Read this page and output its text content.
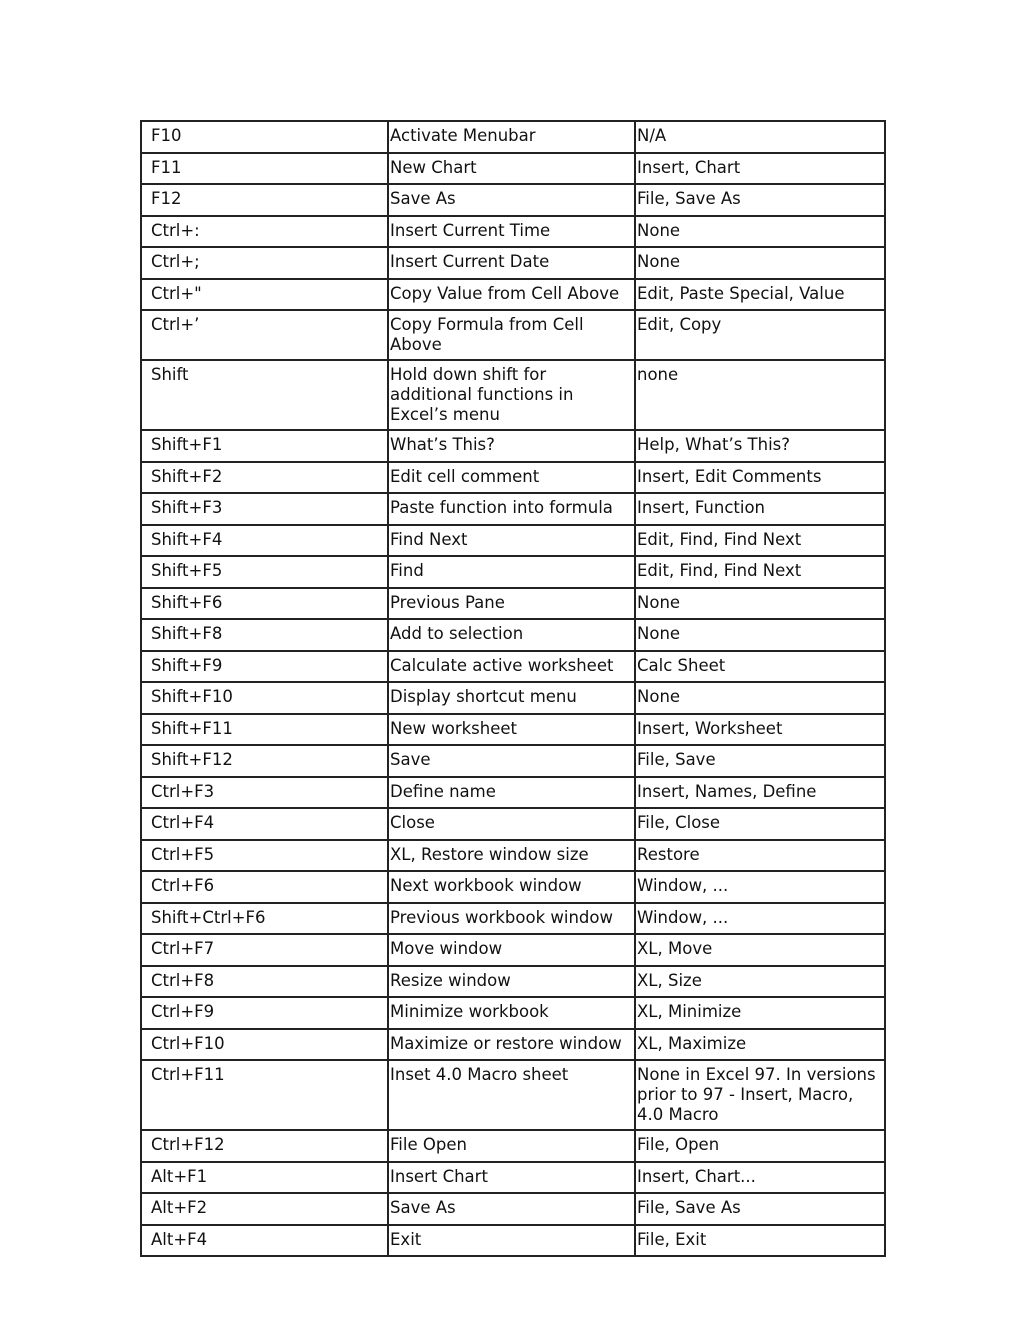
F10	Activate Menubar	N/A
F11	New Chart	Insert, Chart
F12	Save As	File, Save As
Ctrl+:	Insert Current Time	None
Ctrl+;	Insert Current Date	None
Ctrl+"	Copy Value from Cell Above	Edit, Paste Special, Value
Ctrl+’	Copy Formula from Cell Above	Edit, Copy
Shift	Hold down shift for additional functions in Excel’s menu	none
Shift+F1	What’s This?	Help, What’s This?
Shift+F2	Edit cell comment	Insert, Edit Comments
Shift+F3	Paste function into formula	Insert, Function
Shift+F4	Find Next	Edit, Find, Find Next
Shift+F5	Find	Edit, Find, Find Next
Shift+F6	Previous Pane	None
Shift+F8	Add to selection	None
Shift+F9	Calculate active worksheet	Calc Sheet
Shift+F10	Display shortcut menu	None
Shift+F11	New worksheet	Insert, Worksheet
Shift+F12	Save	File, Save
Ctrl+F3	Define name	Insert, Names, Define
Ctrl+F4	Close	File, Close
Ctrl+F5	XL, Restore window size	Restore
Ctrl+F6	Next workbook window	Window, ...
Shift+Ctrl+F6	Previous workbook window	Window, ...
Ctrl+F7	Move window	XL, Move
Ctrl+F8	Resize window	XL, Size
Ctrl+F9	Minimize workbook	XL, Minimize
Ctrl+F10	Maximize or restore window	XL, Maximize
Ctrl+F11	Inset 4.0 Macro sheet	None in Excel 97. In versions prior to 97 - Insert, Macro, 4.0 Macro
Ctrl+F12	File Open	File, Open
Alt+F1	Insert Chart	Insert, Chart...
Alt+F2	Save As	File, Save As
Alt+F4	Exit	File, Exit
